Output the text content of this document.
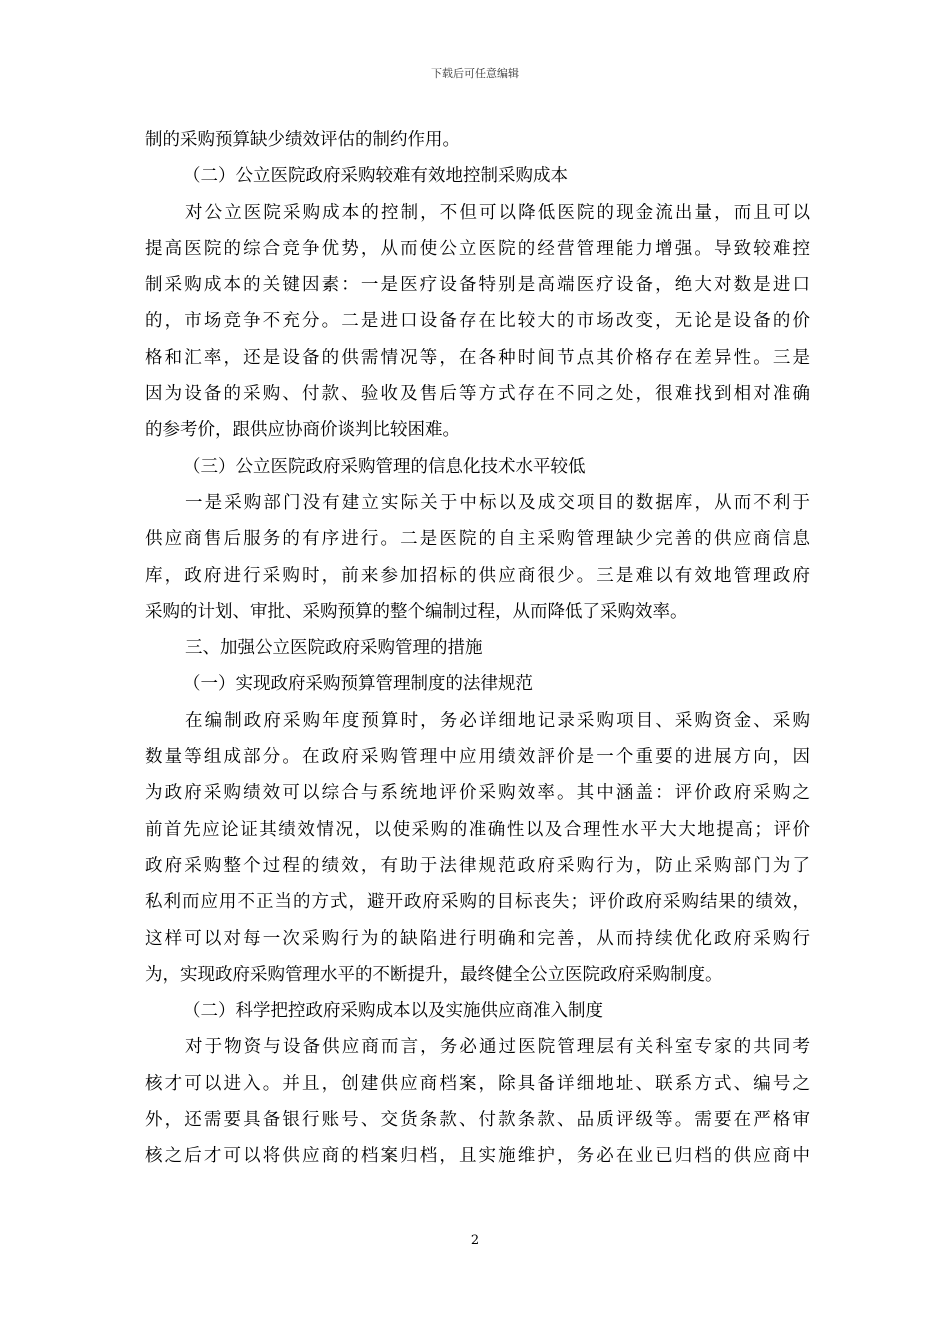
下载后可任意编辑
制的采购预算缺少绩效评估的制约作用。
（二）公立医院政府采购较难有效地控制采购成本
对公立医院采购成本的控制，不但可以降低医院的现金流出量，而且可以
提高医院的综合竞争优势，从而使公立医院的经营管理能力增强。导致较难控
制采购成本的关键因素：一是医疗设备特别是高端医疗设备，绝大对数是进口
的，市场竞争不充分。二是进口设备存在比较大的市场改变，无论是设备的价
格和汇率，还是设备的供需情况等，在各种时间节点其价格存在差异性。三是
因为设备的采购、付款、验收及售后等方式存在不同之处，很难找到相对准确
的参考价，跟供应协商价谈判比较困难。
（三）公立医院政府采购管理的信息化技术水平较低
一是采购部门没有建立实际关于中标以及成交项目的数据库，从而不利于
供应商售后服务的有序进行。二是医院的自主采购管理缺少完善的供应商信息
库，政府进行采购时，前来参加招标的供应商很少。三是难以有效地管理政府
采购的计划、审批、采购预算的整个编制过程，从而降低了采购效率。
三、加强公立医院政府采购管理的措施
（一）实现政府采购预算管理制度的法律规范
在编制政府采购年度预算时，务必详细地记录采购项目、采购资金、采购
数量等组成部分。在政府采购管理中应用绩效評价是一个重要的进展方向，因
为政府采购绩效可以综合与系统地评价采购效率。其中涵盖：评价政府采购之
前首先应论证其绩效情况，以使采购的准确性以及合理性水平大大地提高；评价
政府采购整个过程的绩效，有助于法律规范政府采购行为，防止采购部门为了
私利而应用不正当的方式，避开政府采购的目标丧失；评价政府采购结果的绩效，
这样可以对每一次采购行为的缺陷进行明确和完善，从而持续优化政府采购行
为，实现政府采购管理水平的不断提升，最终健全公立医院政府采购制度。
（二）科学把控政府采购成本以及实施供应商准入制度
对于物资与设备供应商而言，务必通过医院管理层有关科室专家的共同考
核才可以进入。并且，创建供应商档案，除具备详细地址、联系方式、编号之
外，还需要具备银行账号、交货条款、付款条款、品质评级等。需要在严格审
核之后才可以将供应商的档案归档，且实施维护，务必在业已归档的供应商中
2
